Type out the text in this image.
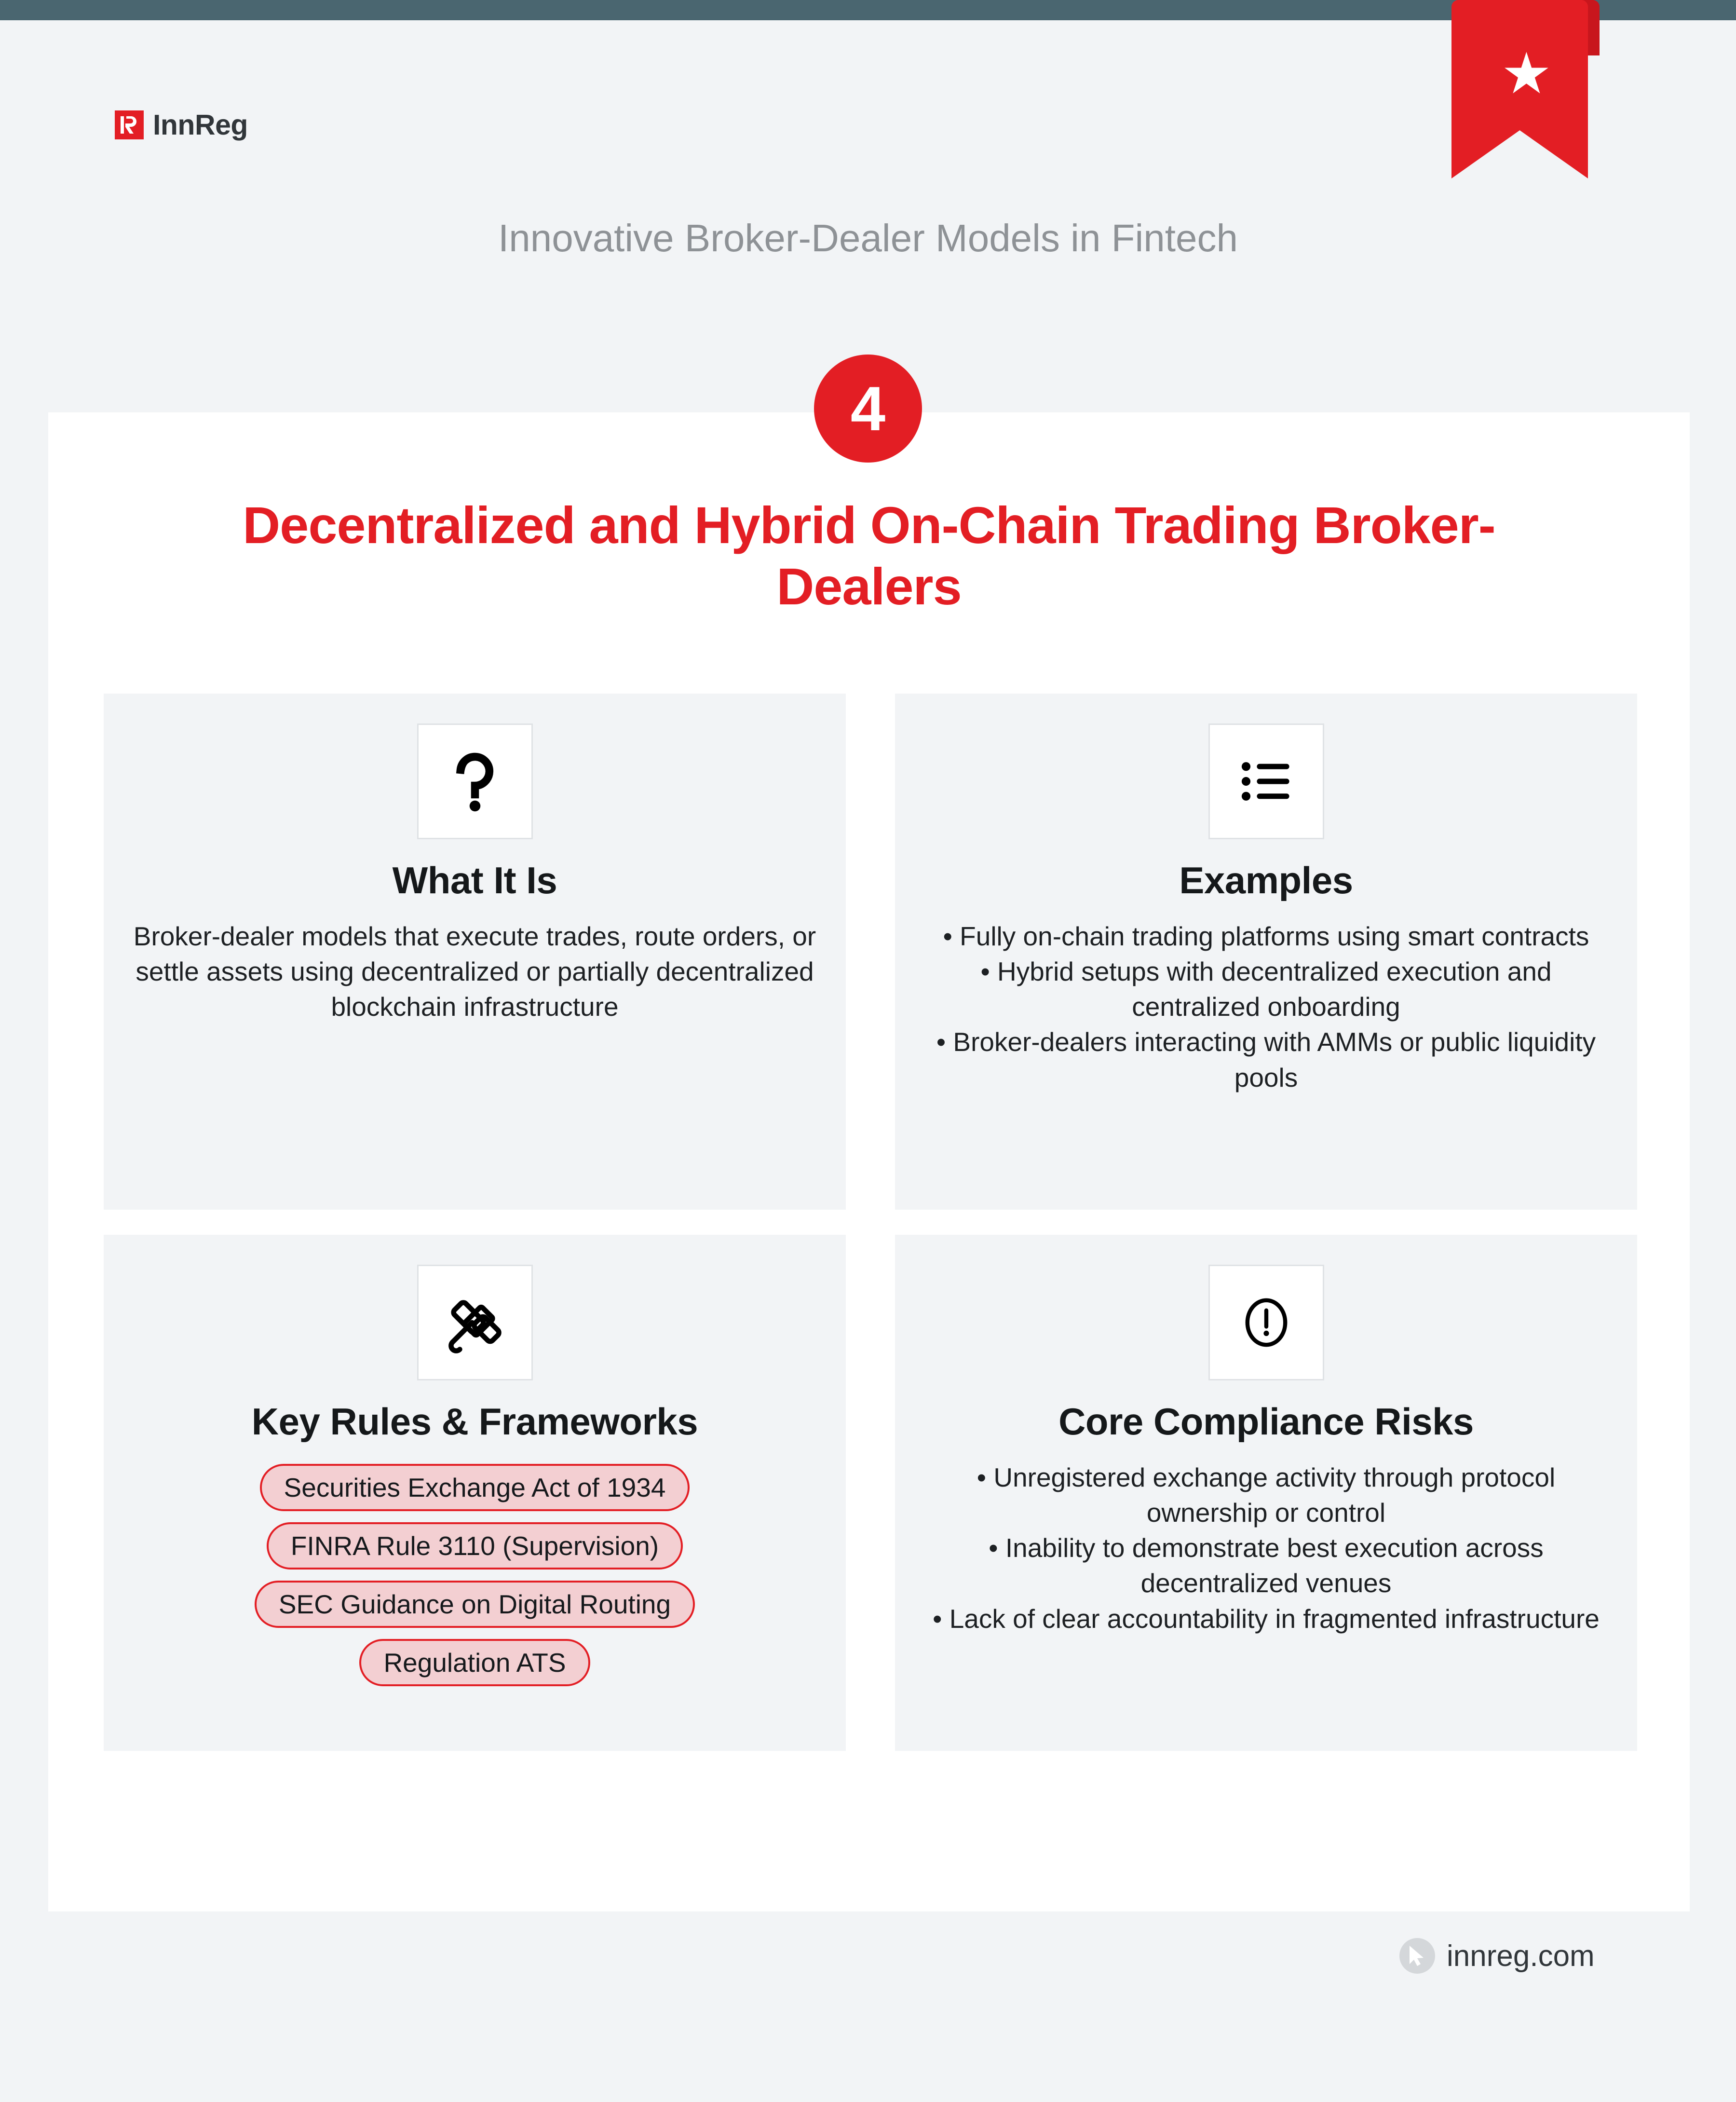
★
InnReg
Innovative Broker-Dealer Models in Fintech
4
Decentralized and Hybrid On-Chain Trading Broker-Dealers
What It Is

Broker-dealer models that execute trades, route orders, or settle assets using decentralized or partially decentralized blockchain infrastructure

Examples

• Fully on-chain trading platforms using smart contracts

• Hybrid setups with decentralized execution and centralized onboarding

• Broker-dealers interacting with AMMs or public liquidity pools

Key Rules & Frameworks
Securities Exchange Act of 1934
FINRA Rule 3110 (Supervision)
SEC Guidance on Digital Routing
Regulation ATS
Core Compliance Risks

• Unregistered exchange activity through protocol ownership or control

• Inability to demonstrate best execution across decentralized venues

• Lack of clear accountability in fragmented infrastructure

innreg.com
